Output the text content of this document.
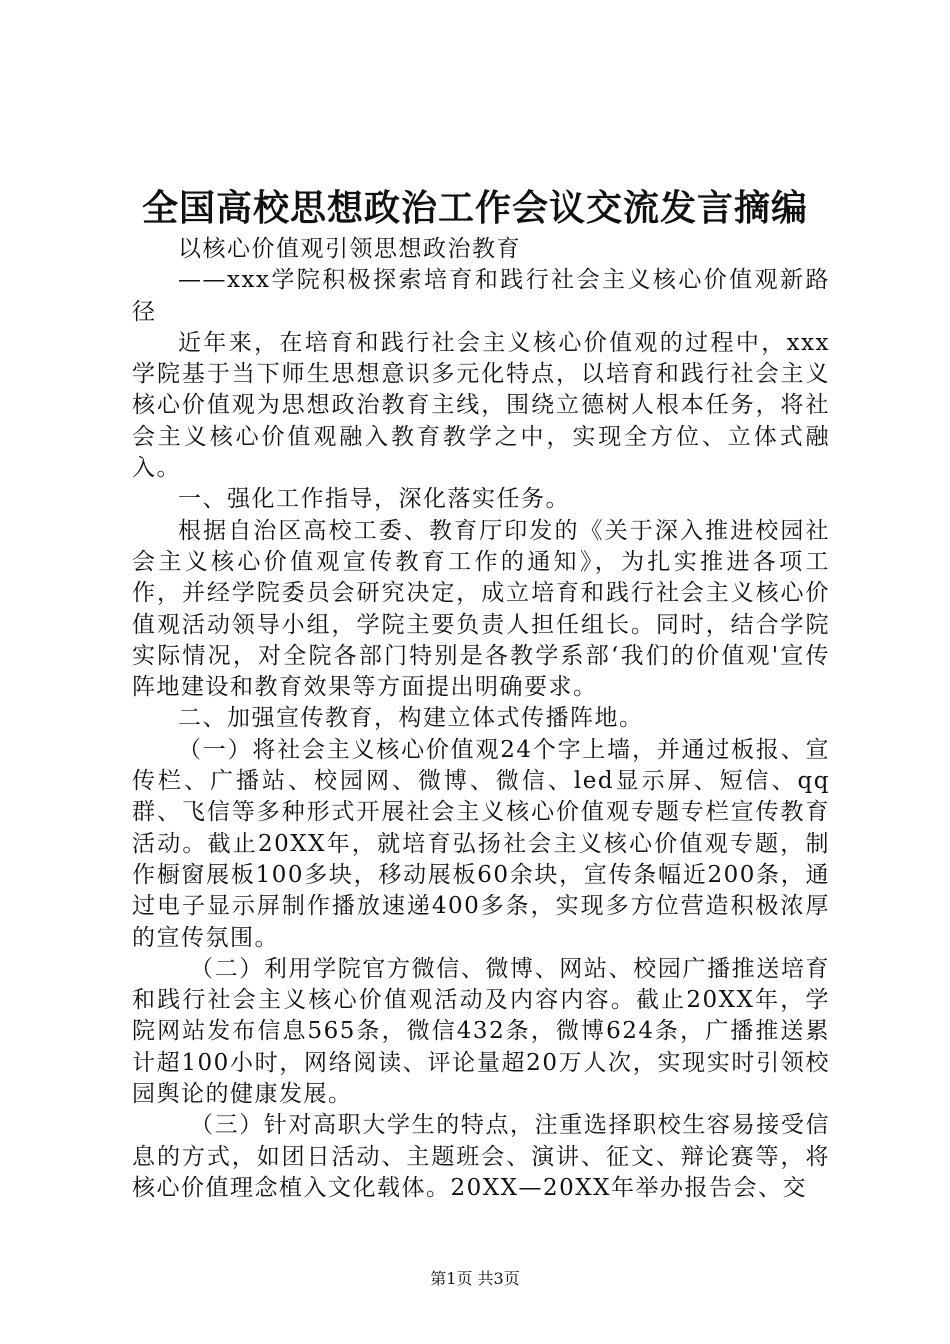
全国高校思想政治工作会议交流发言摘编

以核心价值观引领思想政治教育

——xxx学院积极探索培育和践行社会主义核心价值观新路径

近年来，在培育和践行社会主义核心价值观的过程中，xxx学院基于当下师生思想意识多元化特点，以培育和践行社会主义核心价值观为思想政治教育主线，围绕立德树人根本任务，将社会主义核心价值观融入教育教学之中，实现全方位、立体式融入。

一、强化工作指导，深化落实任务。

根据自治区高校工委、教育厅印发的《关于深入推进校园社会主义核心价值观宣传教育工作的通知》，为扎实推进各项工作，并经学院委员会研究决定，成立培育和践行社会主义核心价值观活动领导小组，学院主要负责人担任组长。同时，结合学院实际情况，对全院各部门特别是各教学系部‘我们的价值观'宣传阵地建设和教育效果等方面提出明确要求。

二、加强宣传教育，构建立体式传播阵地。

（一）将社会主义核心价值观24个字上墙，并通过板报、宣传栏、广播站、校园网、微博、微信、led显示屏、短信、qq群、飞信等多种形式开展社会主义核心价值观专题专栏宣传教育活动。截止20XX年，就培育弘扬社会主义核心价值观专题，制作橱窗展板100多块，移动展板60余块，宣传条幅近200条，通过电子显示屏制作播放速递400多条，实现多方位营造积极浓厚的宣传氛围。

（二）利用学院官方微信、微博、网站、校园广播推送培育和践行社会主义核心价值观活动及内容内容。截止20XX年，学院网站发布信息565条，微信432条，微博624条，广播推送累计超100小时，网络阅读、评论量超20万人次，实现实时引领校园舆论的健康发展。

（三）针对高职大学生的特点，注重选择职校生容易接受信息的方式，如团日活动、主题班会、演讲、征文、辩论赛等，将核心价值理念植入文化载体。20XX—20XX年举办报告会、交

第1页 共3页
